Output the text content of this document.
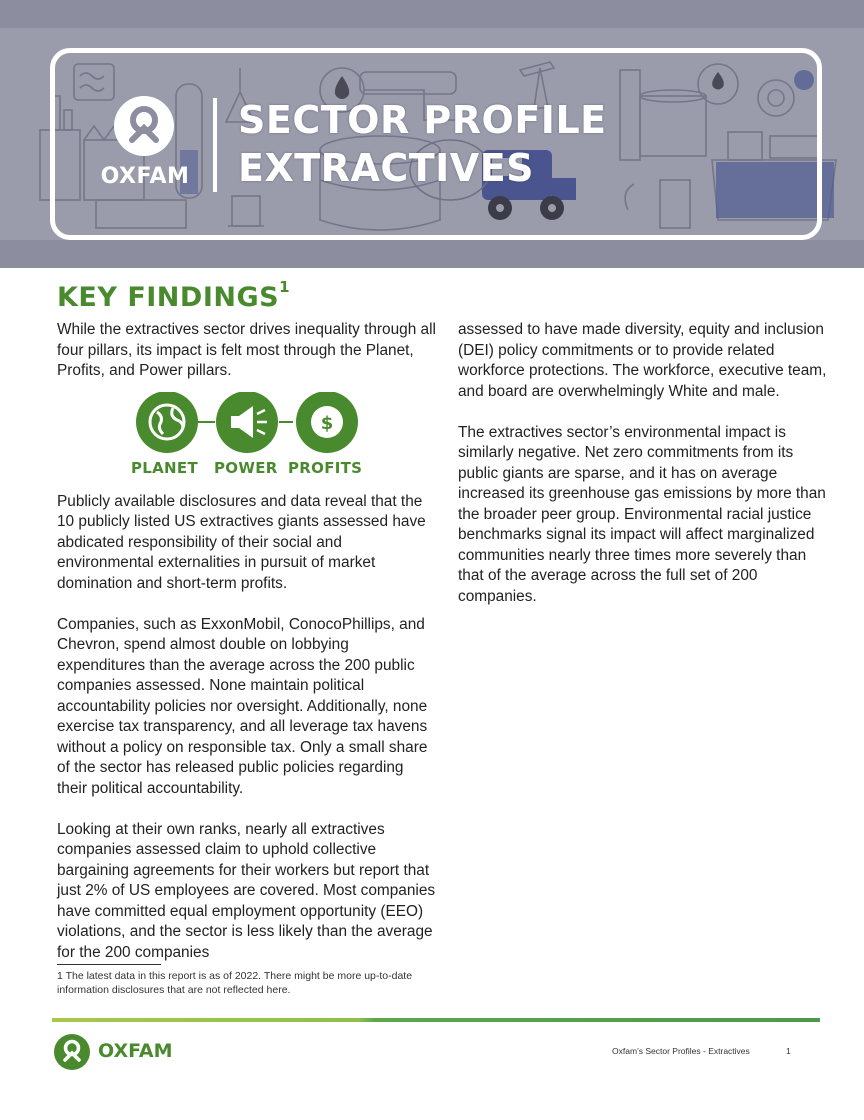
OXFAM
SECTOR PROFILE
EXTRACTIVES
KEY FINDINGS$^1$

While the extractives sector drives inequality through all four pillars, its impact is felt most through the Planet, Profits, and Power pillars.

$
PLANET POWER PROFITS

Publicly available disclosures and data reveal that the 10 publicly listed US extractives giants assessed have abdicated responsibility of their social and environmental externalities in pursuit of market domination and short-term profits.

Companies, such as ExxonMobil, ConocoPhillips, and Chevron, spend almost double on lobbying expenditures than the average across the 200 public companies assessed. None maintain political accountability policies nor oversight. Additionally, none exercise tax transparency, and all leverage tax havens without a policy on responsible tax. Only a small share of the sector has released public policies regarding their political accountability.

Looking at their own ranks, nearly all extractives companies assessed claim to uphold collective bargaining agreements for their workers but report that just 2% of US employees are covered. Most companies have committed equal employment opportunity (EEO) violations, and the sector is less likely than the average for the 200 companies

assessed to have made diversity, equity and inclusion (DEI) policy commitments or to provide related workforce protections. The workforce, executive team, and board are overwhelmingly White and male.

The extractives sector’s environmental impact is similarly negative. Net zero commitments from its public giants are sparse, and it has on average increased its greenhouse gas emissions by more than the broader peer group. Environmental racial justice benchmarks signal its impact will affect marginalized communities nearly three times more severely than that of the average across the full set of 200 companies.

1 The latest data in this report is as of 2022. There might be more up-to-date information disclosures that are not reflected here.
OXFAM	Oxfam’s Sector Profiles - Extractives	1
